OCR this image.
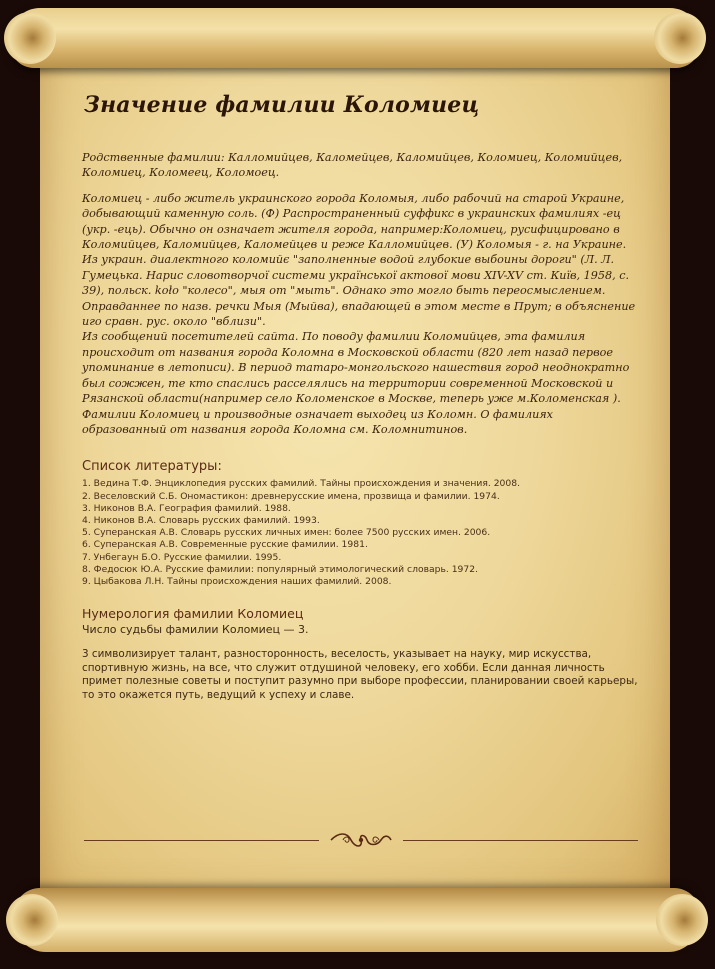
Значение фамилии Коломиец

Родственные фамилии: Калломийцев, Каломейцев, Каломийцев, Коломиец, Коломийцев, Коломиец, Коломеец, Коломоец.

Коломиец - либо житель украинского города Коломыя, либо рабочий на старой Украине, добывающий каменную соль. (Ф) Распространенный суффикс в украинских фамилиях -ец (укр. -ець). Обычно он означает жителя города, например:Коломиец, русифицировано в Коломийцев, Каломийцев, Каломейцев и реже Калломийцев. (У) Коломыя - г. на Украине. Из украин. диалектного коломийє "заполненные водой глубокие выбоины дороги" (Л. Л. Гумецька. Нарис словотворчої системи української актової мови XIV-XV ст. Київ, 1958, с. 39), польск. koło "колесо", мыя от "мыть". Однако это могло быть переосмыслением. Оправданнее по назв. речки Мыя (Мыйва), впадающей в этом месте в Прут; в объяснение иго сравн. рус. около "вблизи".

Из сообщений посетителей сайта. По поводу фамилии Коломийцев, эта фамилия происходит от названия города Коломна в Московской области (820 лет назад первое упоминание в летописи). В период татаро-монгольского нашествия город неоднократно был сожжен, те кто спаслись расселялись на территории современной Московской и Рязанской области(например село Коломенское в Москве, теперь уже м.Коломенская ). Фамилии Коломиец и производные означает выходец из Коломн. О фамилиях образованный от названия города Коломна см. Коломнитинов.

Список литературы:
1. Ведина Т.Ф. Энциклопедия русских фамилий. Тайны происхождения и значения. 2008.
2. Веселовский С.Б. Ономастикон: древнерусские имена, прозвища и фамилии. 1974.
3. Никонов В.А. География фамилий. 1988.
4. Никонов В.А. Словарь русских фамилий. 1993.
5. Суперанская А.В. Словарь русских личных имен: более 7500 русских имен. 2006.
6. Суперанская А.В. Современные русские фамилии. 1981.
7. Унбегаун Б.О. Русские фамилии. 1995.
8. Федосюк Ю.А. Русские фамилии: популярный этимологический словарь. 1972.
9. Цыбакова Л.Н. Тайны происхождения наших фамилий. 2008.
Нумерология фамилии Коломиец
Число судьбы фамилии Коломиец — 3.

3 символизирует талант, разносторонность, веселость, указывает на науку, мир искусства, спортивную жизнь, на все, что служит отдушиной человеку, его хобби. Если данная личность примет полезные советы и поступит разумно при выборе профессии, планировании своей карьеры, то это окажется путь, ведущий к успеху и славе.
